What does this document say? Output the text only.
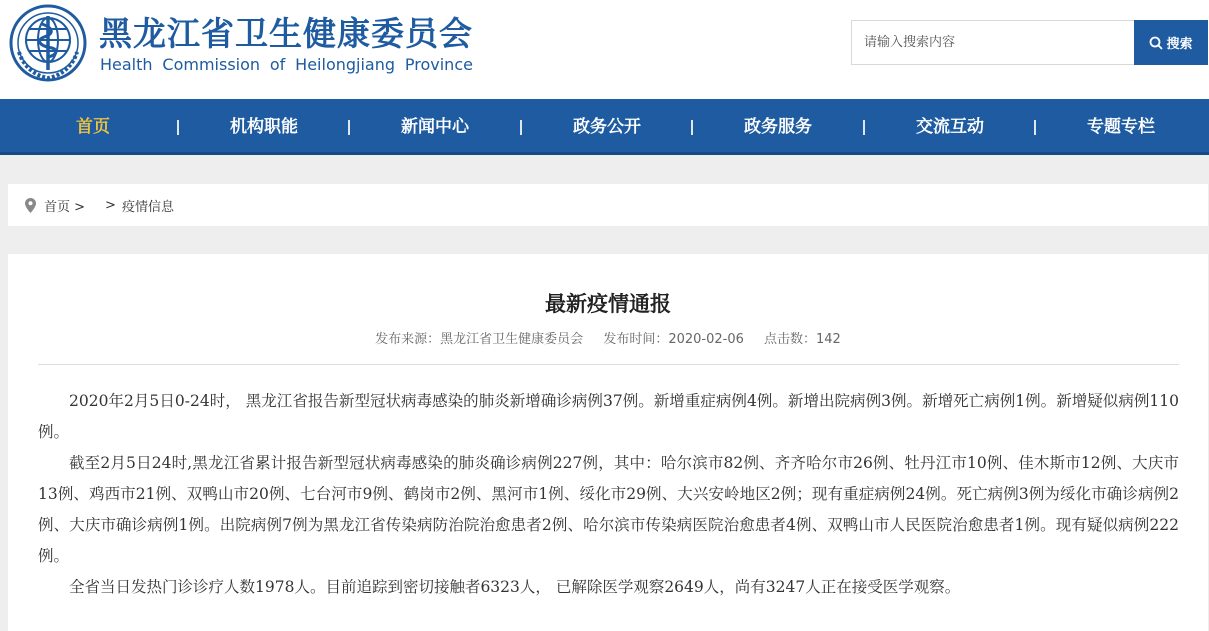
黑龙江省卫生健康委员会
Health Commission of Heilongjiang Province
请输入搜索内容
搜索
首页	机构职能	新闻中心	政务公开	政务服务	交流互动	专题专栏
首页 > > 疫情信息
最新疫情通报
发布来源：黑龙江省卫生健康委员会 发布时间：2020-02-06 点击数：142

2020年2月5日0-24时， 黑龙江省报告新型冠状病毒感染的肺炎新增确诊病例37例。新增重症病例4例。新增出院病例3例。新增死亡病例1例。新增疑似病例110例。

截至2月5日24时,黑龙江省累计报告新型冠状病毒感染的肺炎确诊病例227例，其中：哈尔滨市82例、齐齐哈尔市26例、牡丹江市10例、佳木斯市12例、大庆市13例、鸡西市21例、双鸭山市20例、七台河市9例、鹤岗市2例、黑河市1例、绥化市29例、大兴安岭地区2例；现有重症病例24例。死亡病例3例为绥化市确诊病例2例、大庆市确诊病例1例。出院病例7例为黑龙江省传染病防治院治愈患者2例、哈尔滨市传染病医院治愈患者4例、双鸭山市人民医院治愈患者1例。现有疑似病例222例。

全省当日发热门诊诊疗人数1978人。目前追踪到密切接触者6323人， 已解除医学观察2649人，尚有3247人正在接受医学观察。
